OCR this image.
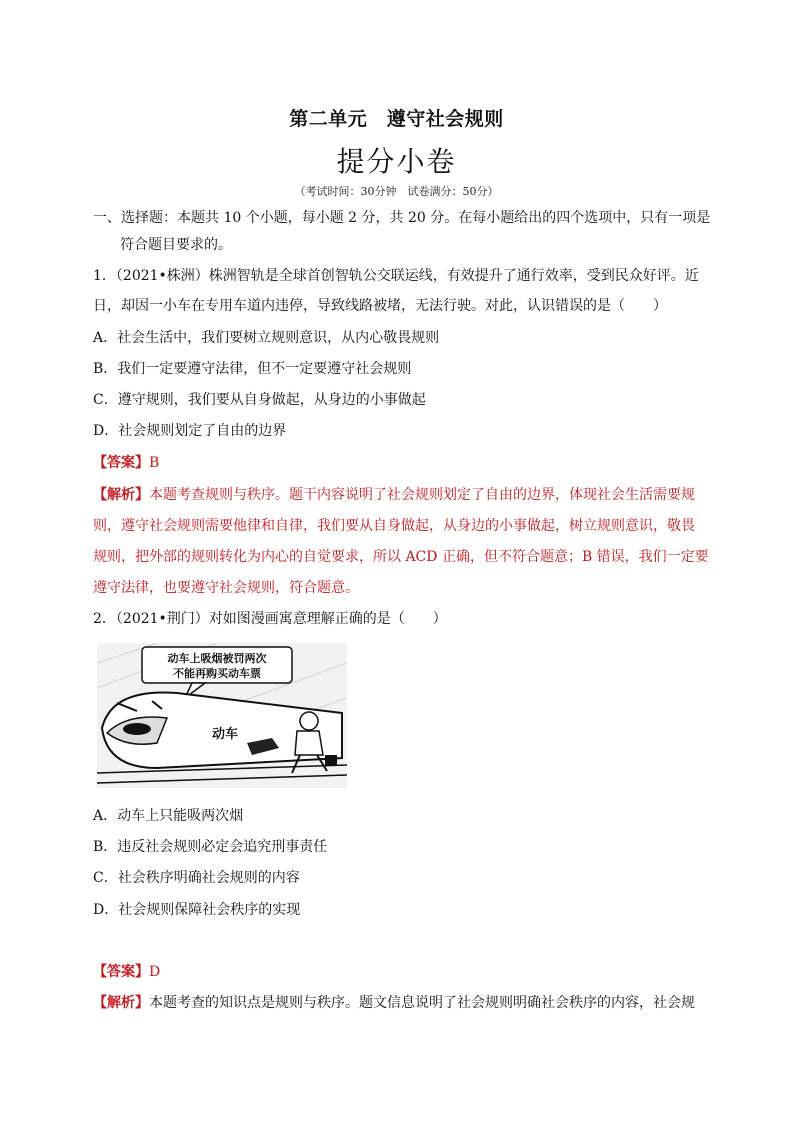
第二单元　遵守社会规则
提分小卷
（考试时间：30分钟　试卷满分：50分）
一、选择题：本题共 10 个小题，每小题 2 分，共 20 分。在每小题给出的四个选项中，只有一项是
符合题目要求的。
1．（2021•株洲）株洲智轨是全球首创智轨公交联运线，有效提升了通行效率，受到民众好评。近
日，却因一小车在专用车道内违停，导致线路被堵，无法行驶。对此，认识错误的是（　　）
A．社会生活中，我们要树立规则意识，从内心敬畏规则
B．我们一定要遵守法律，但不一定要遵守社会规则
C．遵守规则，我们要从自身做起，从身边的小事做起
D．社会规则划定了自由的边界
【答案】B
【解析】本题考查规则与秩序。题干内容说明了社会规则划定了自由的边界，体现社会生活需要规
则，遵守社会规则需要他律和自律，我们要从自身做起，从身边的小事做起，树立规则意识，敬畏
规则，把外部的规则转化为内心的自觉要求，所以 ACD 正确，但不符合题意；B 错误，我们一定要
遵守法律，也要遵守社会规则，符合题意。
2．（2021•荆门）对如图漫画寓意理解正确的是（　　）
动车上吸烟被罚两次
不能再购买动车票
动车
A．动车上只能吸两次烟
B．违反社会规则必定会追究刑事责任
C．社会秩序明确社会规则的内容
D．社会规则保障社会秩序的实现
【答案】D
【解析】本题考查的知识点是规则与秩序。题文信息说明了社会规则明确社会秩序的内容，社会规
